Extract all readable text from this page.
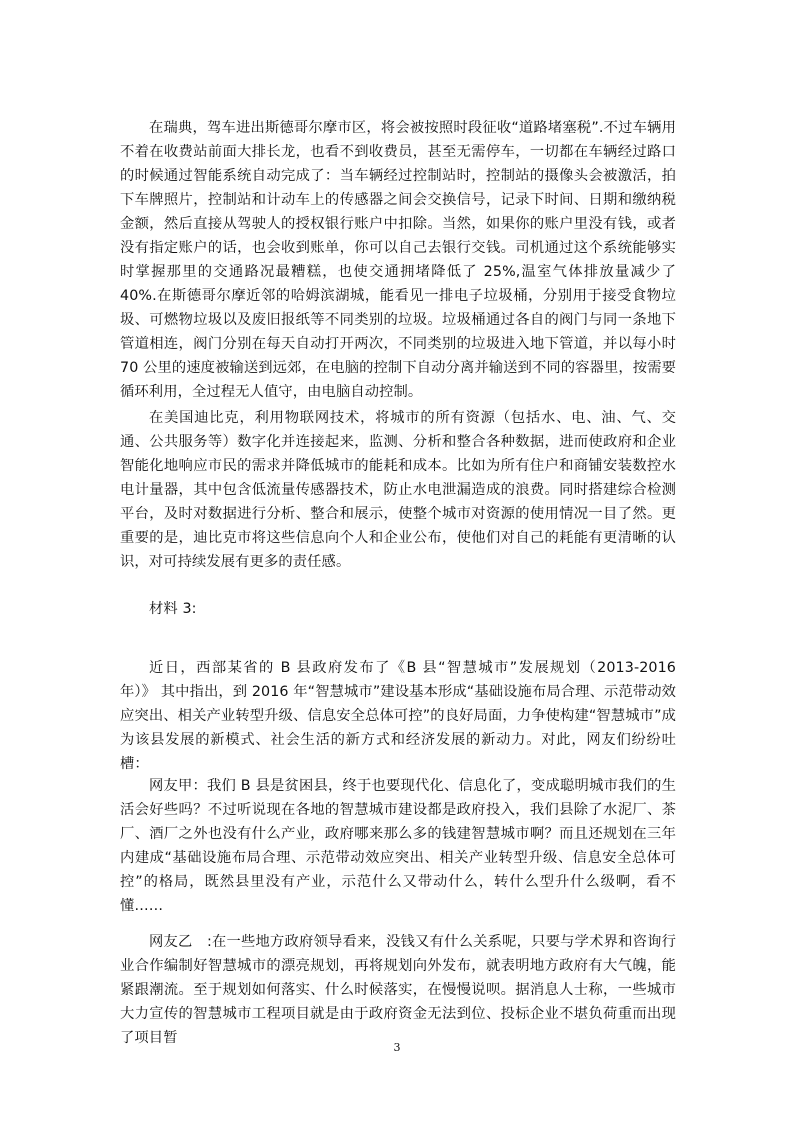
在瑞典，驾车进出斯德哥尔摩市区，将会被按照时段征收“道路堵塞税”.不过车辆用不着在收费站前面大排长龙，也看不到收费员，甚至无需停车，一切都在车辆经过路口的时候通过智能系统自动完成了：当车辆经过控制站时，控制站的摄像头会被激活，拍下车牌照片，控制站和计动车上的传感器之间会交换信号，记录下时间、日期和缴纳税金额，然后直接从驾驶人的授权银行账户中扣除。当然，如果你的账户里没有钱，或者没有指定账户的话，也会收到账单，你可以自己去银行交钱。司机通过这个系统能够实时掌握那里的交通路况最糟糕，也使交通拥堵降低了 25%,温室气体排放量减少了 40%.在斯德哥尔摩近邻的哈姆滨湖城，能看见一排电子垃圾桶，分别用于接受食物垃圾、可燃物垃圾以及废旧报纸等不同类别的垃圾。垃圾桶通过各自的阀门与同一条地下管道相连，阀门分别在每天自动打开两次，不同类别的垃圾进入地下管道，并以每小时 70 公里的速度被输送到远郊，在电脑的控制下自动分离并输送到不同的容器里，按需要循环利用，全过程无人值守，由电脑自动控制。

在美国迪比克，利用物联网技术，将城市的所有资源（包括水、电、油、气、交通、公共服务等）数字化并连接起来，监测、分析和整合各种数据，进而使政府和企业智能化地响应市民的需求并降低城市的能耗和成本。比如为所有住户和商铺安装数控水电计量器，其中包含低流量传感器技术，防止水电泄漏造成的浪费。同时搭建综合检测平台，及时对数据进行分析、整合和展示，使整个城市对资源的使用情况一目了然。更重要的是，迪比克市将这些信息向个人和企业公布，使他们对自己的耗能有更清晰的认识，对可持续发展有更多的责任感。

材料 3:

近日，西部某省的 B 县政府发布了《B 县“智慧城市”发展规划（2013-2016 年）》 其中指出，到 2016 年“智慧城市”建设基本形成“基础设施布局合理、示范带动效应突出、相关产业转型升级、信息安全总体可控”的良好局面，力争使构建“智慧城市”成为该县发展的新模式、社会生活的新方式和经济发展的新动力。对此，网友们纷纷吐槽：

网友甲：我们 B 县是贫困县，终于也要现代化、信息化了，变成聪明城市我们的生活会好些吗？不过听说现在各地的智慧城市建设都是政府投入，我们县除了水泥厂、茶厂、酒厂之外也没有什么产业，政府哪来那么多的钱建智慧城市啊？而且还规划在三年内建成“基础设施布局合理、示范带动效应突出、相关产业转型升级、信息安全总体可控”的格局，既然县里没有产业，示范什么又带动什么，转什么型升什么级啊，看不懂……

网友乙　:在一些地方政府领导看来，没钱又有什么关系呢，只要与学术界和咨询行业合作编制好智慧城市的漂亮规划，再将规划向外发布，就表明地方政府有大气魄，能紧跟潮流。至于规划如何落实、什么时候落实，在慢慢说呗。据消息人士称，一些城市大力宣传的智慧城市工程项目就是由于政府资金无法到位、投标企业不堪负荷重而出现了项目暂

3
